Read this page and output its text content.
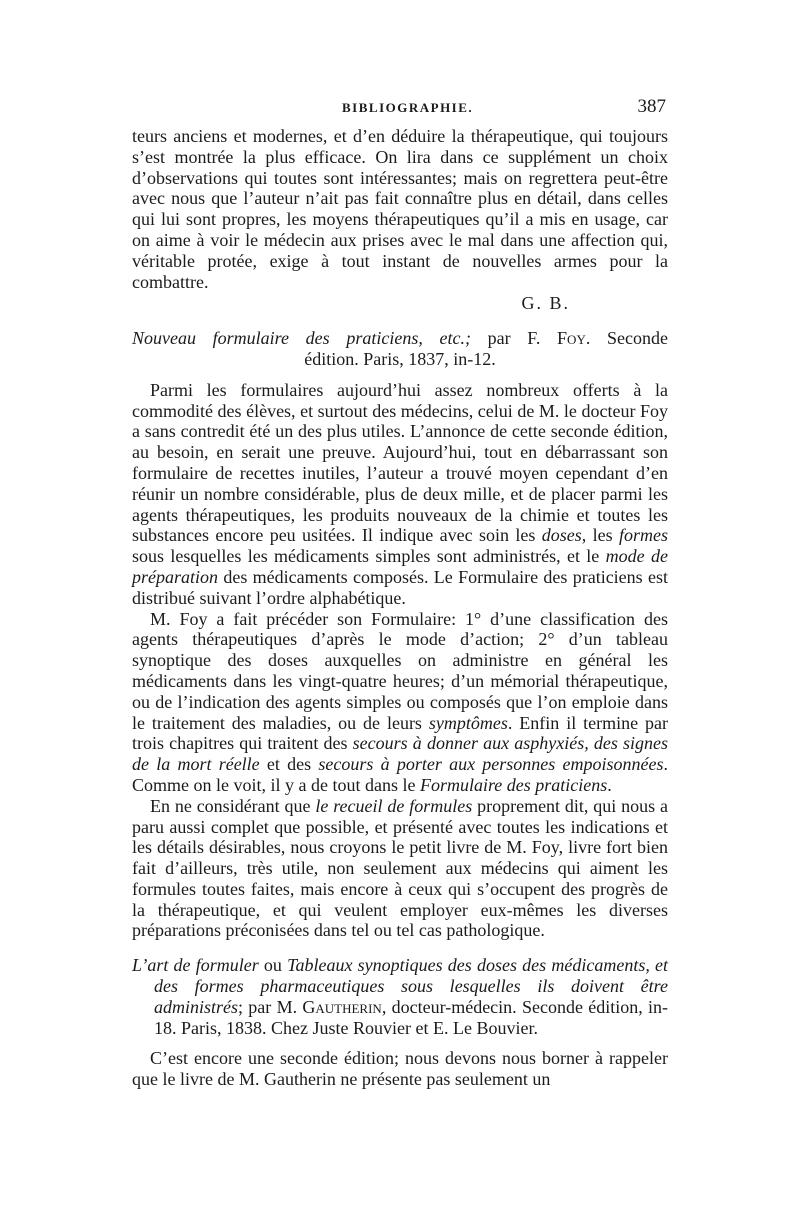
BIBLIOGRAPHIE.	387

teurs anciens et modernes, et d’en déduire la thérapeutique, qui toujours s’est montrée la plus efficace. On lira dans ce supplément un choix d’observations qui toutes sont intéressantes; mais on regrettera peut-être avec nous que l’auteur n’ait pas fait connaître plus en détail, dans celles qui lui sont propres, les moyens thérapeutiques qu’il a mis en usage, car on aime à voir le médecin aux prises avec le mal dans une affection qui, véritable protée, exige à tout instant de nouvelles armes pour la combattre.

G. B.

Nouveau formulaire des praticiens, etc.; par F. Foy. Seconde
édition. Paris, 1837, in-12.

Parmi les formulaires aujourd’hui assez nombreux offerts à la commodité des élèves, et surtout des médecins, celui de M. le docteur Foy a sans contredit été un des plus utiles. L’annonce de cette seconde édition, au besoin, en serait une preuve. Aujourd’hui, tout en débarrassant son formulaire de recettes inutiles, l’auteur a trouvé moyen cependant d’en réunir un nombre considérable, plus de deux mille, et de placer parmi les agents thérapeutiques, les produits nouveaux de la chimie et toutes les substances encore peu usitées. Il indique avec soin les doses, les formes sous lesquelles les médicaments simples sont administrés, et le mode de préparation des médicaments composés. Le Formulaire des praticiens est distribué suivant l’ordre alphabétique.

M. Foy a fait précéder son Formulaire: 1° d’une classification des agents thérapeutiques d’après le mode d’action; 2° d’un tableau synoptique des doses auxquelles on administre en général les médicaments dans les vingt-quatre heures; d’un mémorial thérapeutique, ou de l’indication des agents simples ou composés que l’on emploie dans le traitement des maladies, ou de leurs symptômes. Enfin il termine par trois chapitres qui traitent des secours à donner aux asphyxiés, des signes de la mort réelle et des secours à porter aux personnes empoisonnées. Comme on le voit, il y a de tout dans le Formulaire des praticiens.

En ne considérant que le recueil de formules proprement dit, qui nous a paru aussi complet que possible, et présenté avec toutes les indications et les détails désirables, nous croyons le petit livre de M. Foy, livre fort bien fait d’ailleurs, très utile, non seulement aux médecins qui aiment les formules toutes faites, mais encore à ceux qui s’occupent des progrès de la thérapeutique, et qui veulent employer eux-mêmes les diverses préparations préconisées dans tel ou tel cas pathologique.

L’art de formuler ou Tableaux synoptiques des doses des médicaments, et des formes pharmaceutiques sous lesquelles ils doivent être administrés; par M. Gautherin, docteur-médecin. Seconde édition, in-18. Paris, 1838. Chez Juste Rouvier et E. Le Bouvier.

C’est encore une seconde édition; nous devons nous borner à rappeler que le livre de M. Gautherin ne présente pas seulement un
